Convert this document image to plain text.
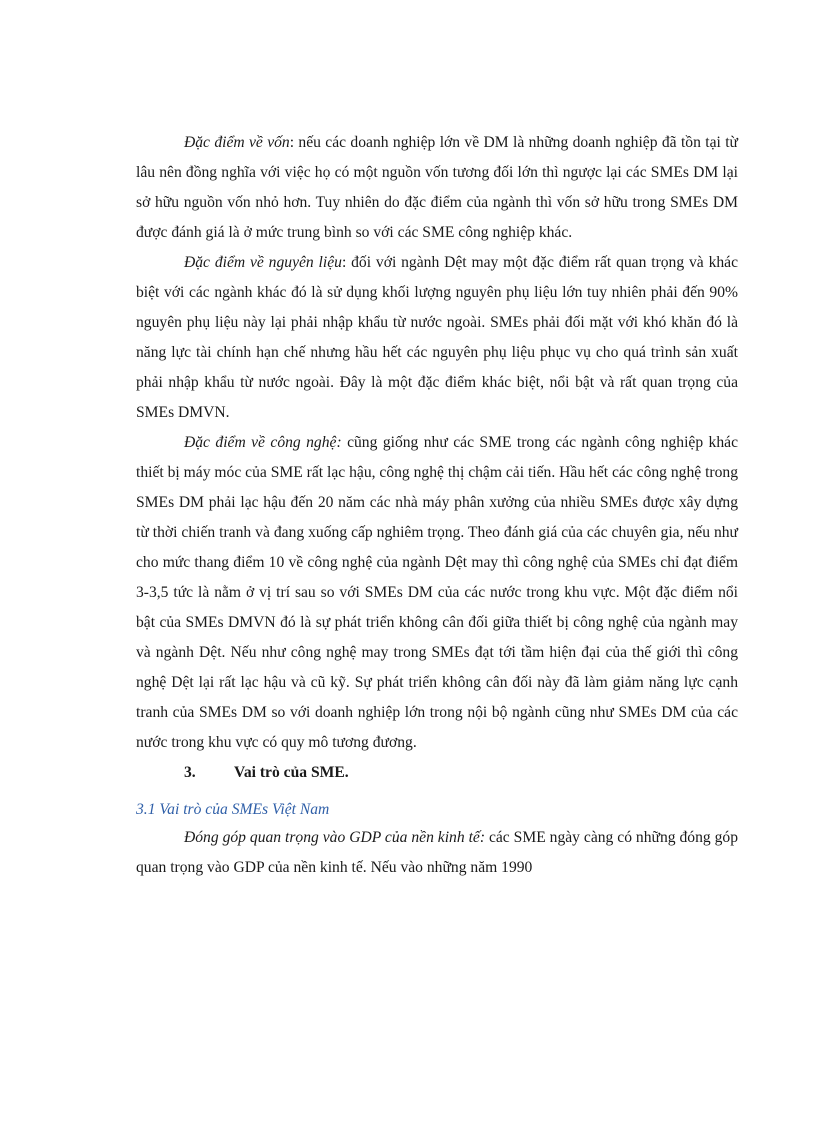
Đặc điểm về vốn: nếu các doanh nghiệp lớn về DM là những doanh nghiệp đã tồn tại từ lâu nên đồng nghĩa với việc họ có một nguồn vốn tương đối lớn thì ngược lại các SMEs DM lại sở hữu nguồn vốn nhỏ hơn. Tuy nhiên do đặc điểm của ngành thì vốn sở hữu trong SMEs DM được đánh giá là ở mức trung bình so với các SME công nghiệp khác.

Đặc điểm về nguyên liệu: đối với ngành Dệt may một đặc điểm rất quan trọng và khác biệt với các ngành khác đó là sử dụng khối lượng nguyên phụ liệu lớn tuy nhiên phải đến 90% nguyên phụ liệu này lại phải nhập khẩu từ nước ngoài. SMEs phải đối mặt với khó khăn đó là năng lực tài chính hạn chế nhưng hầu hết các nguyên phụ liệu phục vụ cho quá trình sản xuất phải nhập khẩu từ nước ngoài. Đây là một đặc điểm khác biệt, nổi bật và rất quan trọng của SMEs DMVN.

Đặc điểm về công nghệ: cũng giống như các SME trong các ngành công nghiệp khác thiết bị máy móc của SME rất lạc hậu, công nghệ thị chậm cải tiến. Hầu hết các công nghệ trong SMEs DM phải lạc hậu đến 20 năm các nhà máy phân xưởng của nhiều SMEs được xây dựng từ thời chiến tranh và đang xuống cấp nghiêm trọng. Theo đánh giá của các chuyên gia, nếu như cho mức thang điểm 10 về công nghệ của ngành Dệt may thì công nghệ của SMEs chỉ đạt điểm 3-3,5 tức là nằm ở vị trí sau so với SMEs DM của các nước trong khu vực. Một đặc điểm nổi bật của SMEs DMVN đó là sự phát triển không cân đối giữa thiết bị công nghệ của ngành may và ngành Dệt. Nếu như công nghệ may trong SMEs đạt tới tầm hiện đại của thế giới thì công nghệ Dệt lại rất lạc hậu và cũ kỹ. Sự phát triển không cân đối này đã làm giảm năng lực cạnh tranh của SMEs DM so với doanh nghiệp lớn trong nội bộ ngành cũng như SMEs DM của các nước trong khu vực có quy mô tương đương.

3.	Vai trò của SME.

3.1 Vai trò của SMEs Việt Nam

Đóng góp quan trọng vào GDP của nền kinh tế: các SME ngày càng có những đóng góp quan trọng vào GDP của nền kinh tế. Nếu vào những năm 1990
